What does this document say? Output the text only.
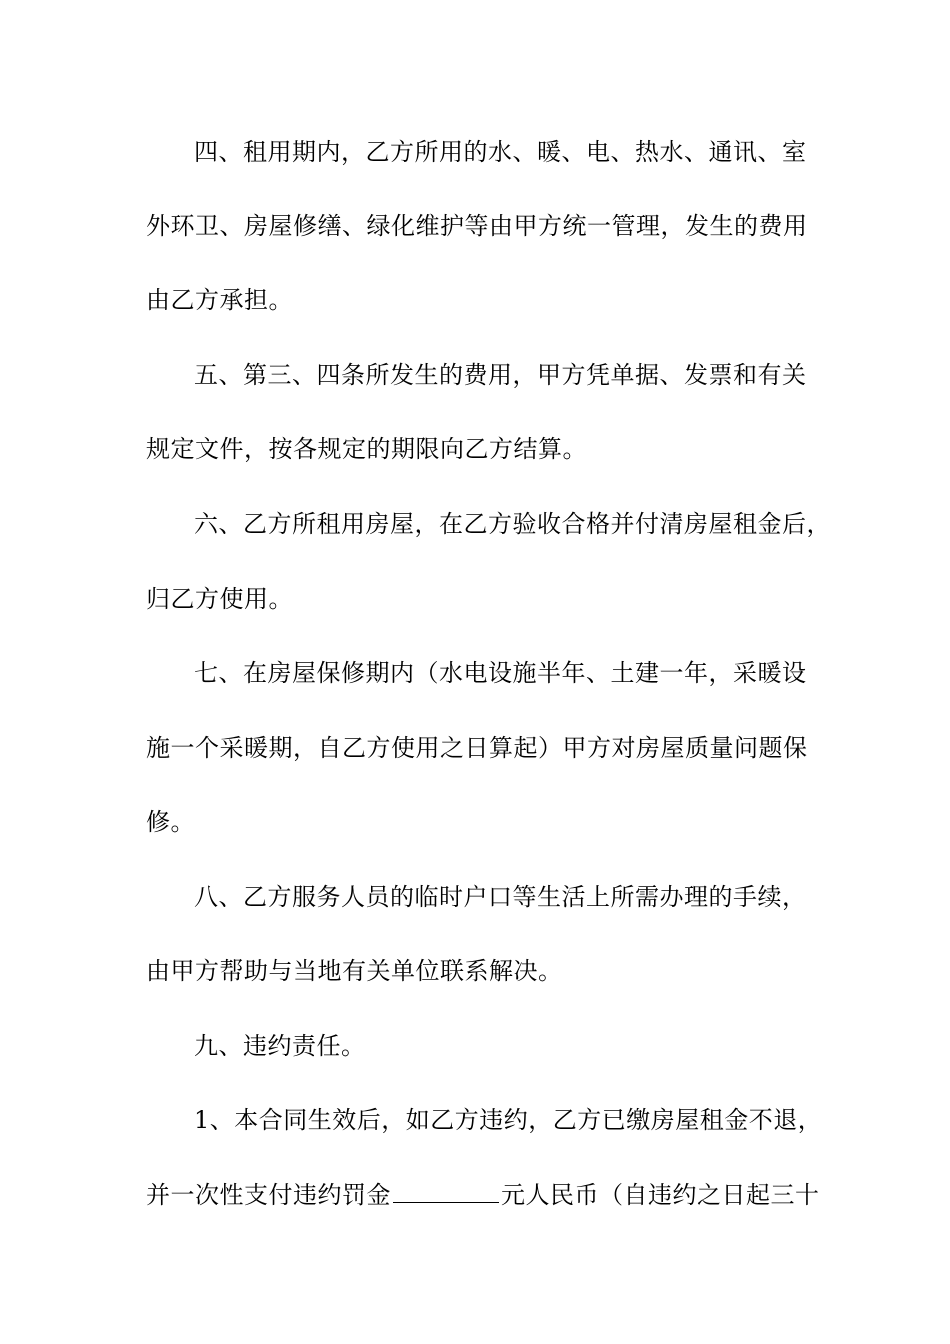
四、租用期内，乙方所用的水、暖、电、热水、通讯、室
外环卫、房屋修缮、绿化维护等由甲方统一管理，发生的费用
由乙方承担。
五、第三、四条所发生的费用，甲方凭单据、发票和有关
规定文件，按各规定的期限向乙方结算。
六、乙方所租用房屋，在乙方验收合格并付清房屋租金后，
归乙方使用。
七、在房屋保修期内（水电设施半年、土建一年，采暖设
施一个采暖期，自乙方使用之日算起）甲方对房屋质量问题保
修。
八、乙方服务人员的临时户口等生活上所需办理的手续，
由甲方帮助与当地有关单位联系解决。
九、违约责任。
1、本合同生效后，如乙方违约，乙方已缴房屋租金不退，
并一次性支付违约罚金	元人民币（自违约之日起三十
